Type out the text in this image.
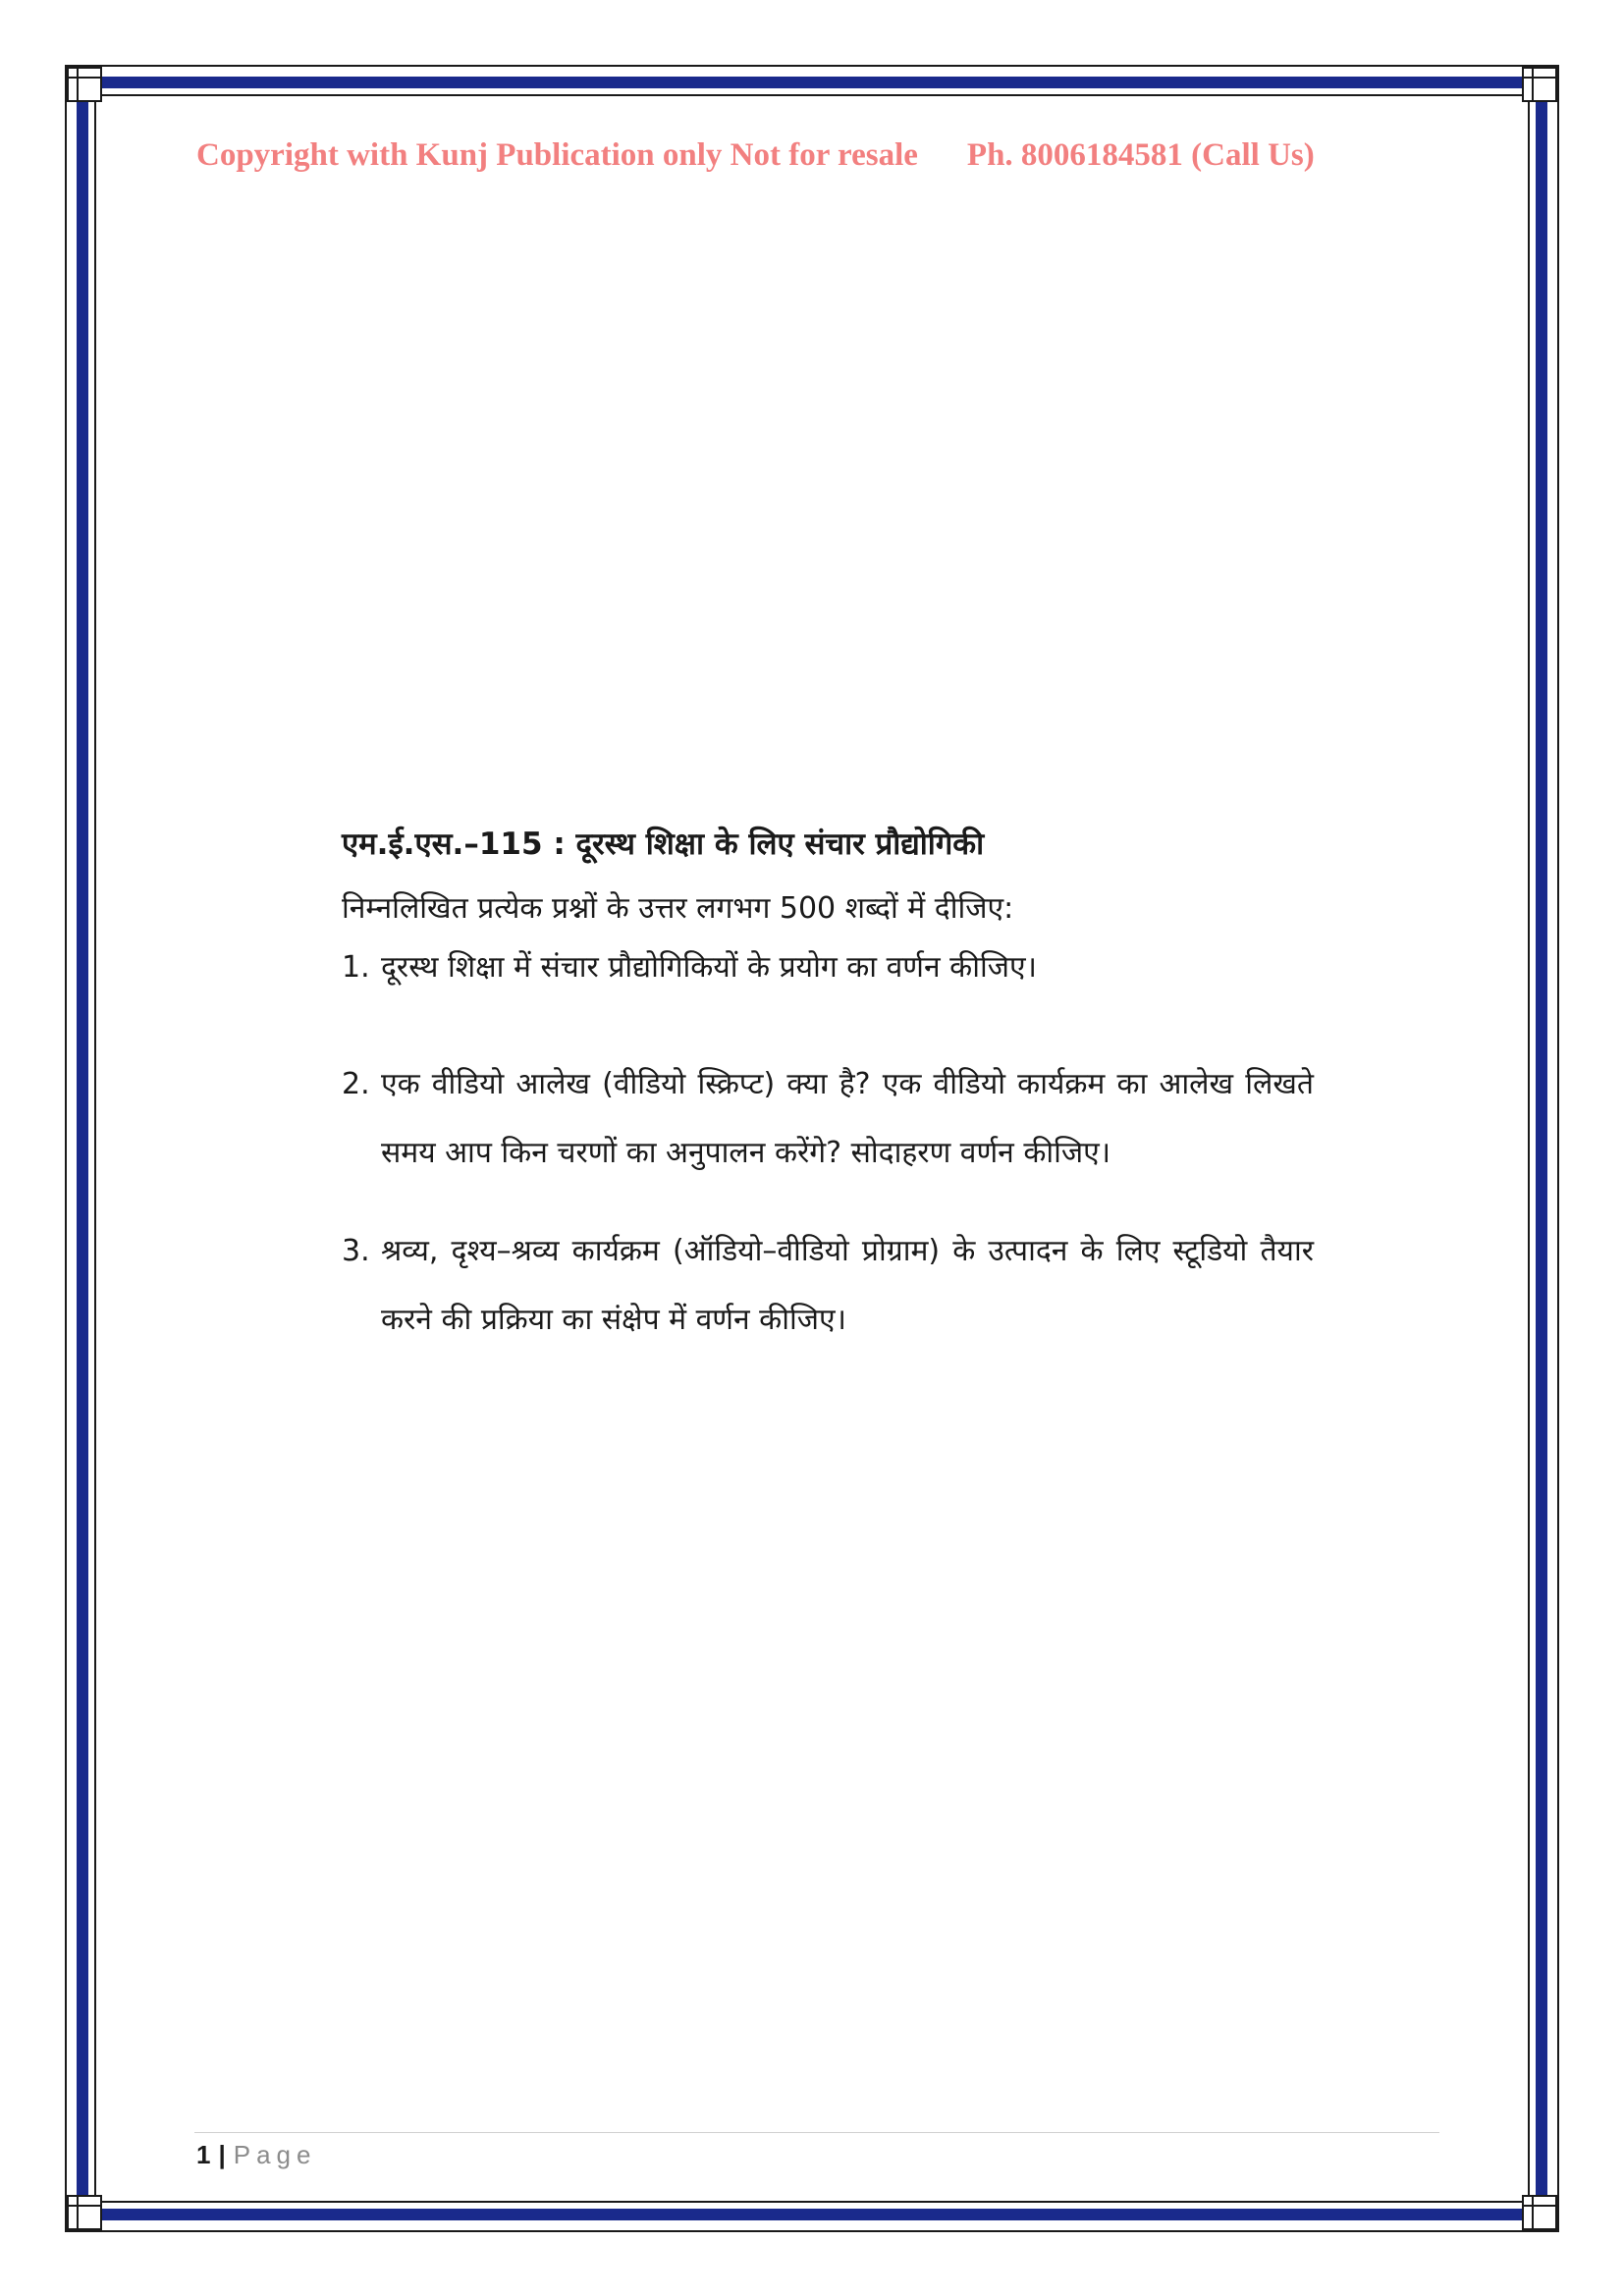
Copyright with Kunj Publication only Not for resale Ph. 8006184581 (Call Us)
एम.ई.एस.–115 : दूरस्थ शिक्षा के लिए संचार प्रौद्योगिकी
निम्नलिखित प्रत्येक प्रश्नों के उत्तर लगभग 500 शब्दों में दीजिए:
1. दूरस्थ शिक्षा में संचार प्रौद्योगिकियों के प्रयोग का वर्णन कीजिए।
2. एक वीडियो आलेख (वीडियो स्क्रिप्ट) क्या है? एक वीडियो कार्यक्रम का आलेख लिखते समय आप किन चरणों का अनुपालन करेंगे? सोदाहरण वर्णन कीजिए।
3. श्रव्य, दृश्य–श्रव्य कार्यक्रम (ऑडियो–वीडियो प्रोग्राम) के उत्पादन के लिए स्टूडियो तैयार करने की प्रक्रिया का संक्षेप में वर्णन कीजिए।
1 | Page
